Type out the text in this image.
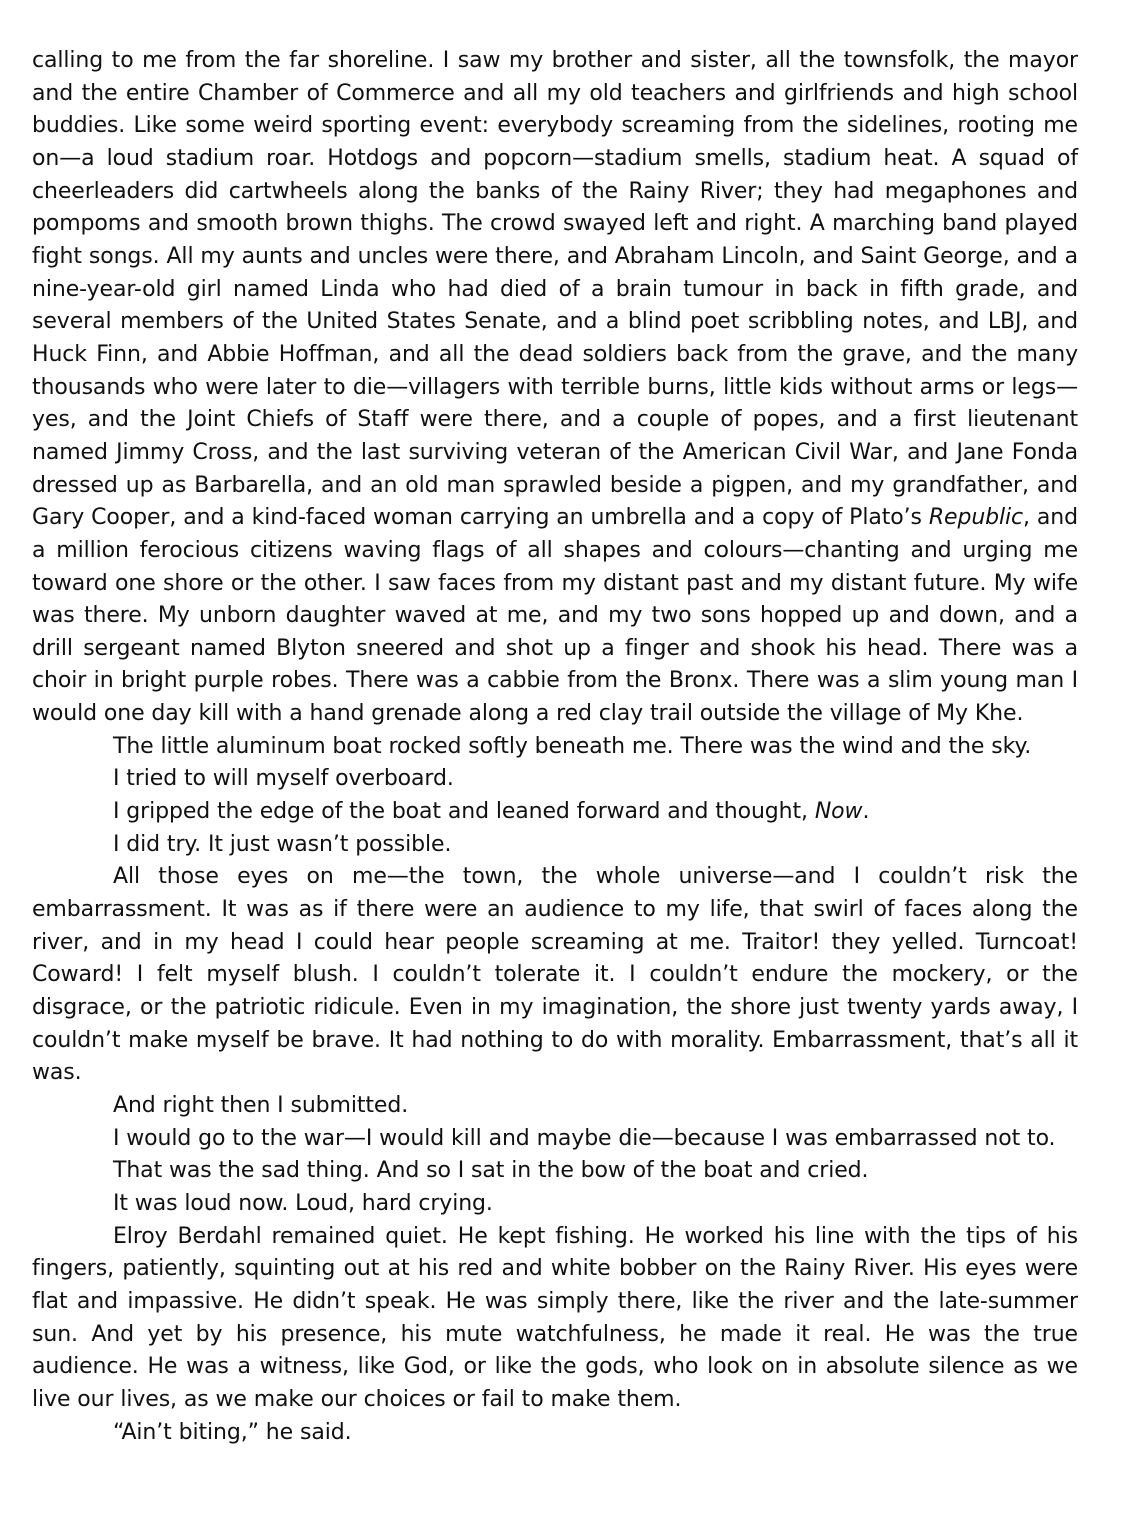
calling to me from the far shoreline. I saw my brother and sister, all the townsfolk, the mayor and the entire Chamber of Commerce and all my old teachers and girlfriends and high school buddies. Like some weird sporting event: everybody screaming from the sidelines, rooting me on—a loud stadium roar. Hotdogs and popcorn—stadium smells, stadium heat. A squad of cheerleaders did cartwheels along the banks of the Rainy River; they had megaphones and pompoms and smooth brown thighs. The crowd swayed left and right. A marching band played fight songs. All my aunts and uncles were there, and Abraham Lincoln, and Saint George, and a nine-year-old girl named Linda who had died of a brain tumour in back in fifth grade, and several members of the United States Senate, and a blind poet scribbling notes, and LBJ, and Huck Finn, and Abbie Hoffman, and all the dead soldiers back from the grave, and the many thousands who were later to die—villagers with terrible burns, little kids without arms or legs—yes, and the Joint Chiefs of Staff were there, and a couple of popes, and a first lieutenant named Jimmy Cross, and the last surviving veteran of the American Civil War, and Jane Fonda dressed up as Barbarella, and an old man sprawled beside a pigpen, and my grandfather, and Gary Cooper, and a kind-faced woman carrying an umbrella and a copy of Plato’s Republic, and a million ferocious citizens waving flags of all shapes and colours—chanting and urging me toward one shore or the other. I saw faces from my distant past and my distant future. My wife was there. My unborn daughter waved at me, and my two sons hopped up and down, and a drill sergeant named Blyton sneered and shot up a finger and shook his head. There was a choir in bright purple robes. There was a cabbie from the Bronx. There was a slim young man I would one day kill with a hand grenade along a red clay trail outside the village of My Khe.

The little aluminum boat rocked softly beneath me. There was the wind and the sky.

I tried to will myself overboard.

I gripped the edge of the boat and leaned forward and thought, Now.

I did try. It just wasn’t possible.

All those eyes on me—the town, the whole universe—and I couldn’t risk the embarrassment. It was as if there were an audience to my life, that swirl of faces along the river, and in my head I could hear people screaming at me. Traitor! they yelled. Turncoat! Coward! I felt myself blush. I couldn’t tolerate it. I couldn’t endure the mockery, or the disgrace, or the patriotic ridicule. Even in my imagination, the shore just twenty yards away, I couldn’t make myself be brave. It had nothing to do with morality. Embarrassment, that’s all it was.

And right then I submitted.

I would go to the war—I would kill and maybe die—because I was embarrassed not to.

That was the sad thing. And so I sat in the bow of the boat and cried.

It was loud now. Loud, hard crying.

Elroy Berdahl remained quiet. He kept fishing. He worked his line with the tips of his fingers, patiently, squinting out at his red and white bobber on the Rainy River. His eyes were flat and impassive. He didn’t speak. He was simply there, like the river and the late-summer sun. And yet by his presence, his mute watchfulness, he made it real. He was the true audience. He was a witness, like God, or like the gods, who look on in absolute silence as we live our lives, as we make our choices or fail to make them.

“Ain’t biting,” he said.
